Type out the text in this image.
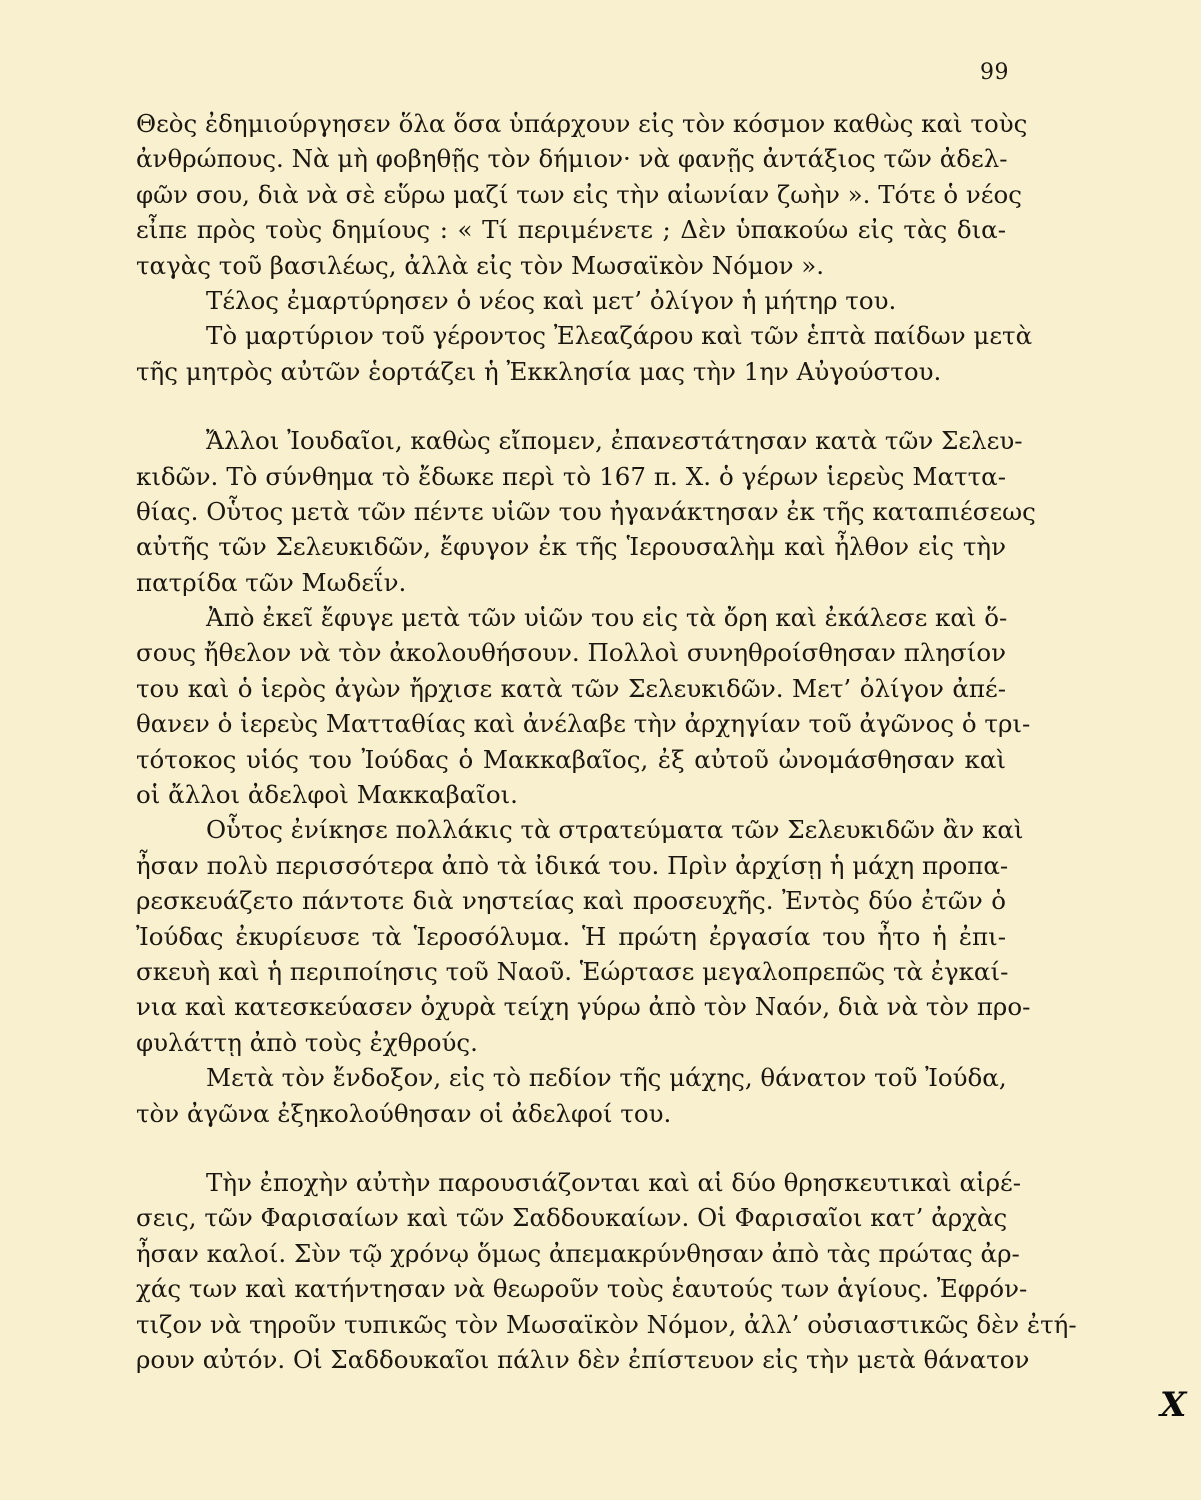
99
Θεὸς ἐδημιούργησεν ὅλα ὅσα ὑπάρχουν εἰς τὸν κόσμον καθὼς καὶ τοὺς
ἀνθρώπους. Νὰ μὴ φοβηθῇς τὸν δήμιον· νὰ φανῇς ἀντάξιος τῶν ἀδελ-
φῶν σου, διὰ νὰ σὲ εὕρω μαζί των εἰς τὴν αἰωνίαν ζωὴν ». Τότε ὁ νέος
εἶπε πρὸς τοὺς δημίους : « Τί περιμένετε ; Δὲν ὑπακούω εἰς τὰς δια-
ταγὰς τοῦ βασιλέως, ἀλλὰ εἰς τὸν Μωσαϊκὸν Νόμον ».
Τέλος ἐμαρτύρησεν ὁ νέος καὶ μετ’ ὀλίγον ἡ μήτηρ του.
Τὸ μαρτύριον τοῦ γέροντος Ἐλεαζάρου καὶ τῶν ἑπτὰ παίδων μετὰ
τῆς μητρὸς αὐτῶν ἑορτάζει ἡ Ἐκκλησία μας τὴν 1ην Αὐγούστου.
Ἄλλοι Ἰουδαῖοι, καθὼς εἴπομεν, ἐπανεστάτησαν κατὰ τῶν Σελευ-
κιδῶν. Τὸ σύνθημα τὸ ἔδωκε περὶ τὸ 167 π. Χ. ὁ γέρων ἱερεὺς Ματτα-
θίας. Οὗτος μετὰ τῶν πέντε υἱῶν του ἠγανάκτησαν ἐκ τῆς καταπιέσεως
αὐτῆς τῶν Σελευκιδῶν, ἔφυγον ἐκ τῆς Ἱερουσαλὴμ καὶ ἦλθον εἰς τὴν
πατρίδα τῶν Μωδεΐν.
Ἀπὸ ἐκεῖ ἔφυγε μετὰ τῶν υἱῶν του εἰς τὰ ὄρη καὶ ἐκάλεσε καὶ ὅ-
σους ἤθελον νὰ τὸν ἀκολουθήσουν. Πολλοὶ συνηθροίσθησαν πλησίον
του καὶ ὁ ἱερὸς ἀγὼν ἤρχισε κατὰ τῶν Σελευκιδῶν. Μετ’ ὀλίγον ἀπέ-
θανεν ὁ ἱερεὺς Ματταθίας καὶ ἀνέλαβε τὴν ἀρχηγίαν τοῦ ἀγῶνος ὁ τρι-
τότοκος υἱός του Ἰούδας ὁ Μακκαβαῖος, ἐξ αὐτοῦ ὠνομάσθησαν καὶ
οἱ ἄλλοι ἀδελφοὶ Μακκαβαῖοι.
Οὗτος ἐνίκησε πολλάκις τὰ στρατεύματα τῶν Σελευκιδῶν ἂν καὶ
ἦσαν πολὺ περισσότερα ἀπὸ τὰ ἰδικά του. Πρὶν ἀρχίσῃ ἡ μάχη προπα-
ρεσκευάζετο πάντοτε διὰ νηστείας καὶ προσευχῆς. Ἐντὸς δύο ἐτῶν ὁ
Ἰούδας ἐκυρίευσε τὰ Ἱεροσόλυμα. Ἡ πρώτη ἐργασία του ἦτο ἡ ἐπι-
σκευὴ καὶ ἡ περιποίησις τοῦ Ναοῦ. Ἑώρτασε μεγαλοπρεπῶς τὰ ἐγκαί-
νια καὶ κατεσκεύασεν ὀχυρὰ τείχη γύρω ἀπὸ τὸν Ναόν, διὰ νὰ τὸν προ-
φυλάττῃ ἀπὸ τοὺς ἐχθρούς.
Μετὰ τὸν ἔνδοξον, εἰς τὸ πεδίον τῆς μάχης, θάνατον τοῦ Ἰούδα,
τὸν ἀγῶνα ἐξηκολούθησαν οἱ ἀδελφοί του.
Τὴν ἐποχὴν αὐτὴν παρουσιάζονται καὶ αἱ δύο θρησκευτικαὶ αἱρέ-
σεις, τῶν Φαρισαίων καὶ τῶν Σαδδουκαίων. Οἱ Φαρισαῖοι κατ’ ἀρχὰς
ἦσαν καλοί. Σὺν τῷ χρόνῳ ὅμως ἀπεμακρύνθησαν ἀπὸ τὰς πρώτας ἀρ-
χάς των καὶ κατήντησαν νὰ θεωροῦν τοὺς ἑαυτούς των ἁγίους. Ἐφρόν-
τιζον νὰ τηροῦν τυπικῶς τὸν Μωσαϊκὸν Νόμον, ἀλλ’ οὐσιαστικῶς δὲν ἐτή-
ρουν αὐτόν. Οἱ Σαδδουκαῖοι πάλιν δὲν ἐπίστευον εἰς τὴν μετὰ θάνατον
X
